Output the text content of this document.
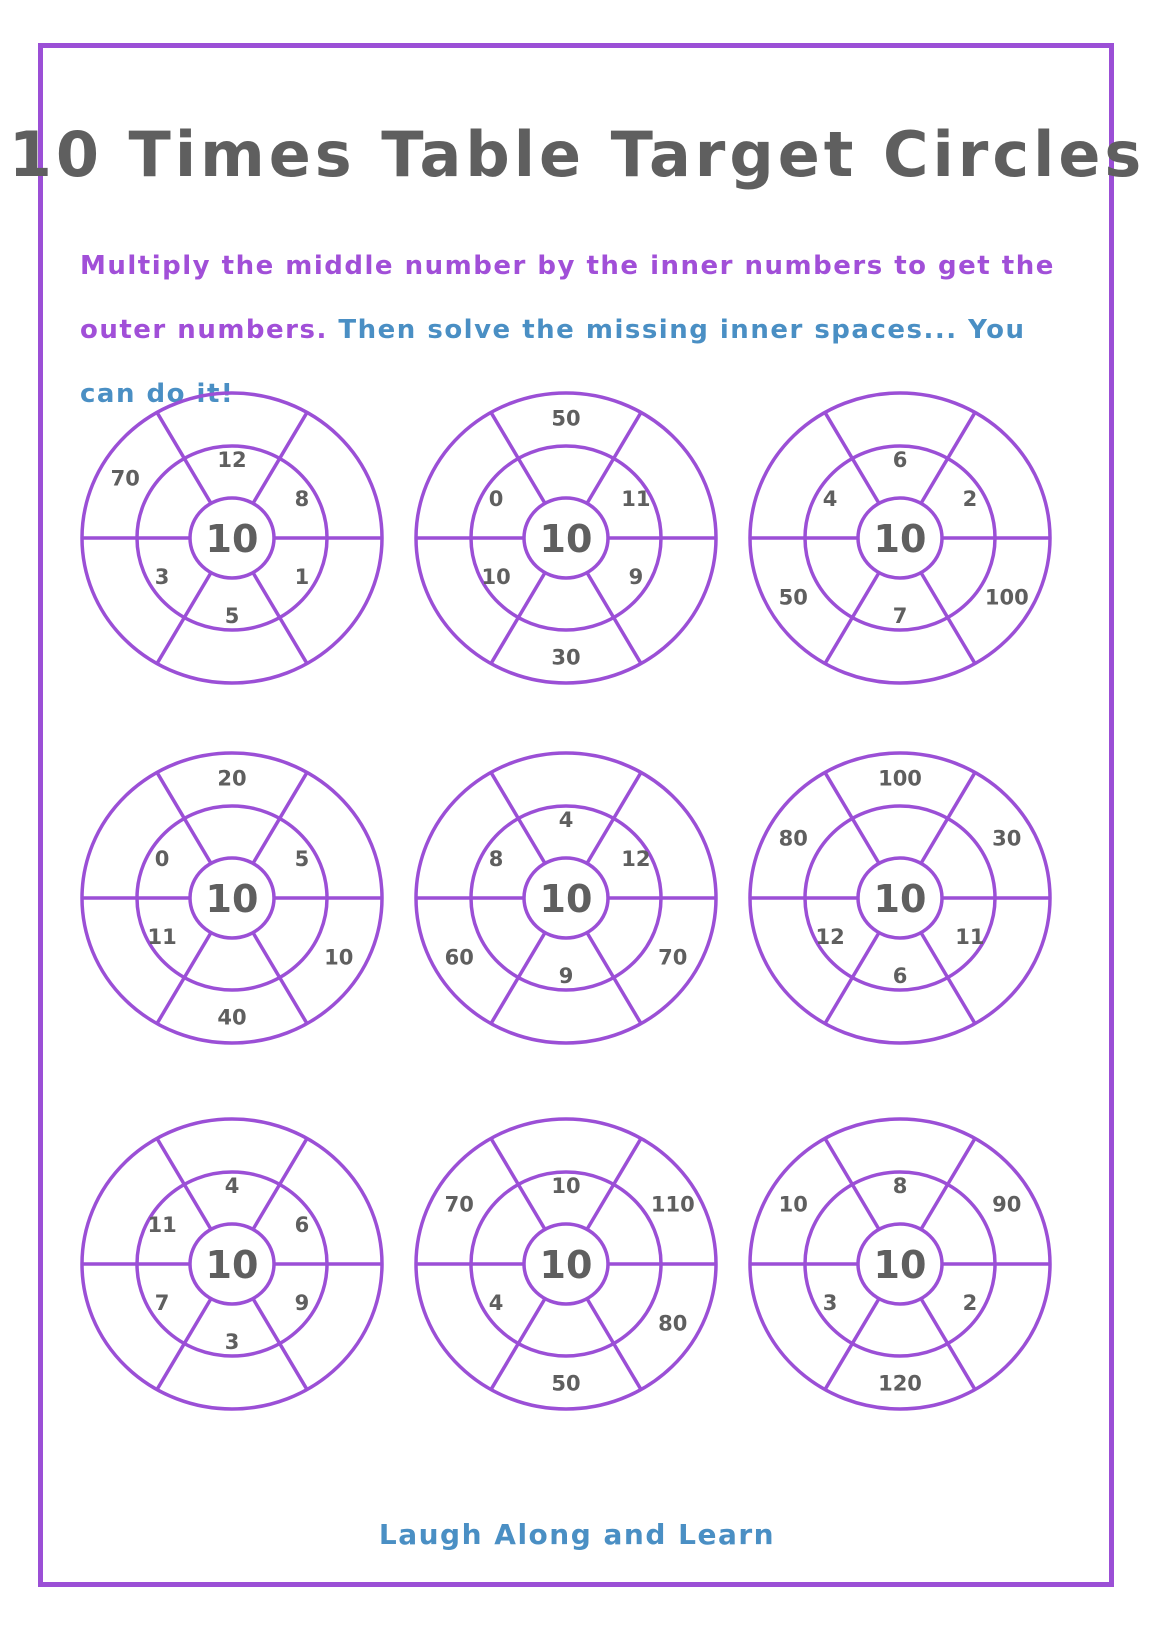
10 Times Table Target Circles

Multiply the middle number by the inner numbers to get the outer numbers. Then solve the missing inner spaces... You can do it!

10
12
8
1
5
3
70
10
11
9
10
0
50
30
10
6
2
7
4
100
50
10
5
11
0
20
10
40
10
4
12
9
8
70
60
10
11
6
12
100
30
80
10
4
6
9
3
7
11
10
10
4
110
80
50
70
10
8
2
3
90
120
10
Laugh Along and Learn
